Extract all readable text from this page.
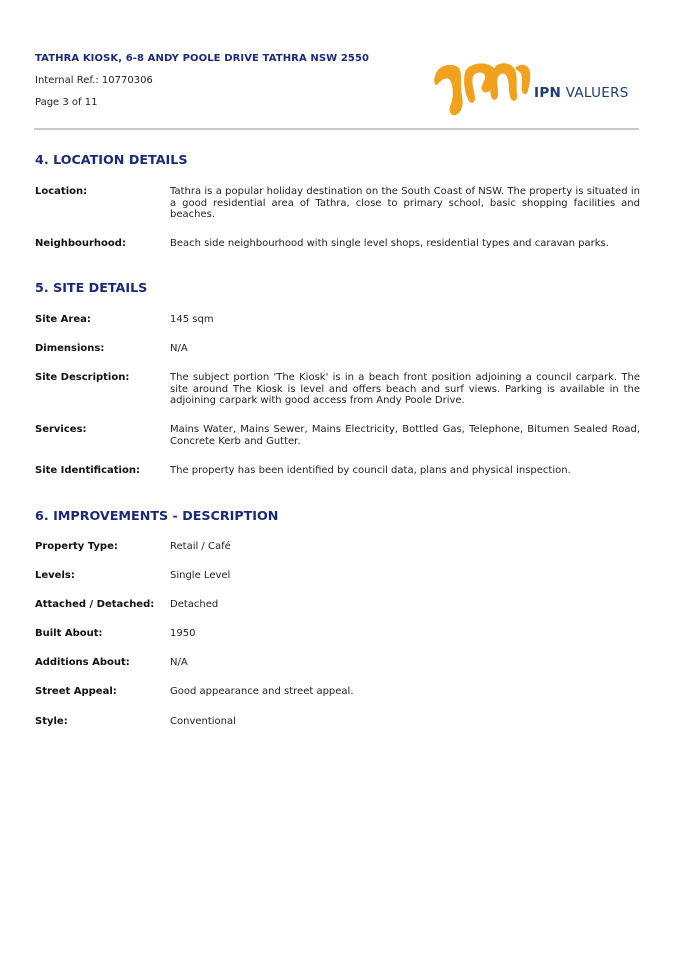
TATHRA KIOSK, 6-8 ANDY POOLE DRIVE TATHRA NSW 2550
Internal Ref.: 10770306
Page 3 of 11
IPN VALUERS
4. LOCATION DETAILS
Location:	Tathra is a popular holiday destination on the South Coast of NSW. The property is situated in a good residential area of Tathra, close to primary school, basic shopping facilities and beaches.
Neighbourhood:	Beach side neighbourhood with single level shops, residential types and caravan parks.
5. SITE DETAILS
Site Area:	145 sqm
Dimensions:	N/A
Site Description:	The subject portion 'The Kiosk' is in a beach front position adjoining a council carpark. The site around The Kiosk is level and offers beach and surf views. Parking is available in the adjoining carpark with good access from Andy Poole Drive.
Services:	Mains Water, Mains Sewer, Mains Electricity, Bottled Gas, Telephone, Bitumen Sealed Road, Concrete Kerb and Gutter.
Site Identification:	The property has been identified by council data, plans and physical inspection.
6. IMPROVEMENTS - DESCRIPTION
Property Type:	Retail / Café
Levels:	Single Level
Attached / Detached: Detached
Built About:	1950
Additions About:	N/A
Street Appeal:	Good appearance and street appeal.
Style:	Conventional
